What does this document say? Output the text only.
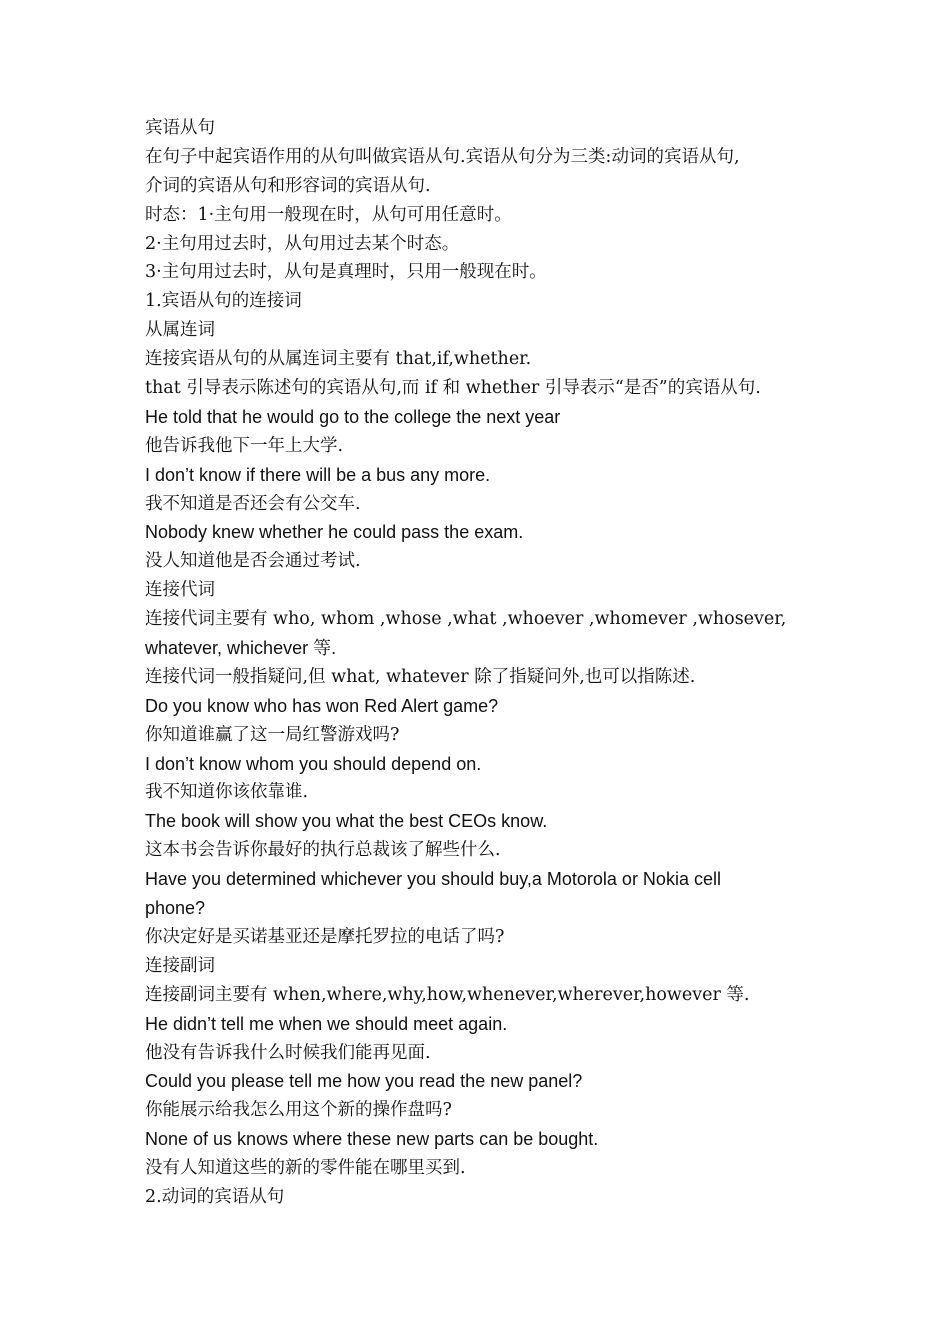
宾语从句
在句子中起宾语作用的从句叫做宾语从句.宾语从句分为三类:动词的宾语从句,
介词的宾语从句和形容词的宾语从句.
时态：1·主句用一般现在时，从句可用任意时。
2·主句用过去时，从句用过去某个时态。
3·主句用过去时，从句是真理时，只用一般现在时。
1.宾语从句的连接词
从属连词
连接宾语从句的从属连词主要有 that,if,whether.
that 引导表示陈述句的宾语从句,而 if 和 whether 引导表示“是否”的宾语从句.
He told that he would go to the college the next year
他告诉我他下一年上大学.
I don’t know if there will be a bus any more.
我不知道是否还会有公交车.
Nobody knew whether he could pass the exam.
没人知道他是否会通过考试.
连接代词
连接代词主要有 who, whom ,whose ,what ,whoever ,whomever ,whosever,
whatever, whichever 等.
连接代词一般指疑问,但 what, whatever 除了指疑问外,也可以指陈述.
Do you know who has won Red Alert game?
你知道谁赢了这一局红警游戏吗?
I don’t know whom you should depend on.
我不知道你该依靠谁.
The book will show you what the best CEOs know.
这本书会告诉你最好的执行总裁该了解些什么.
Have you determined whichever you should buy,a Motorola or Nokia cell
phone?
你决定好是买诺基亚还是摩托罗拉的电话了吗?
连接副词
连接副词主要有 when,where,why,how,whenever,wherever,however 等.
He didn’t tell me when we should meet again.
他没有告诉我什么时候我们能再见面.
Could you please tell me how you read the new panel?
你能展示给我怎么用这个新的操作盘吗?
None of us knows where these new parts can be bought.
没有人知道这些的新的零件能在哪里买到.
2.动词的宾语从句
